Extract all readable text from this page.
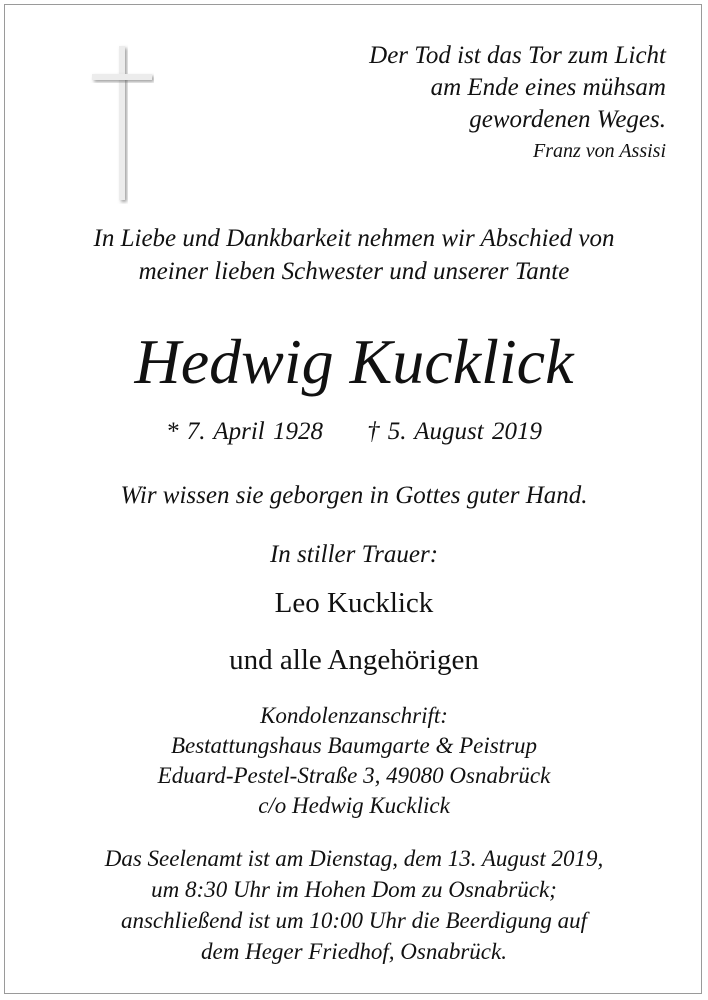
Der Tod ist das Tor zum Licht
am Ende eines mühsam
gewordenen Weges.
Franz von Assisi
In Liebe und Dankbarkeit nehmen wir Abschied von
meiner lieben Schwester und unserer Tante
Hedwig Kucklick
* 7. April 1928 † 5. August 2019
Wir wissen sie geborgen in Gottes guter Hand.
In stiller Trauer:
Leo Kucklick
und alle Angehörigen
Kondolenzanschrift:
Bestattungshaus Baumgarte & Peistrup
Eduard-Pestel-Straße 3, 49080 Osnabrück
c/o Hedwig Kucklick
Das Seelenamt ist am Dienstag, dem 13. August 2019,
um 8:30 Uhr im Hohen Dom zu Osnabrück;
anschließend ist um 10:00 Uhr die Beerdigung auf
dem Heger Friedhof, Osnabrück.
